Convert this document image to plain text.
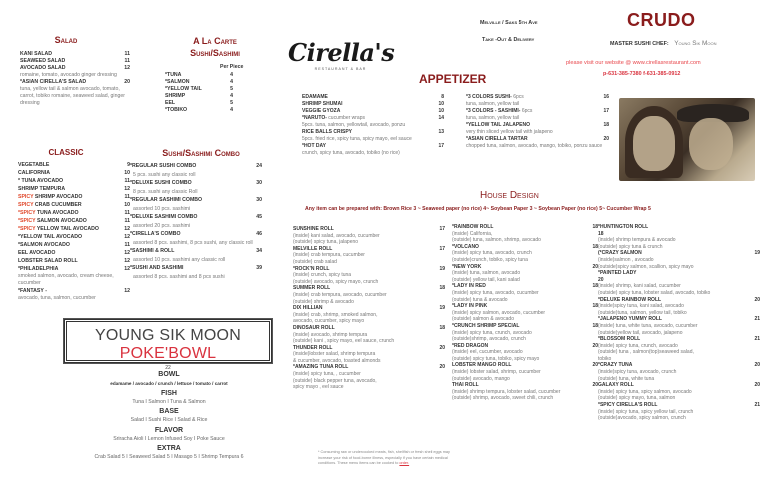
Salad
KANI SALAD	11
SEAWEED SALAD	11
AVOCADO SALAD	12
romaine, tomato, avocado ginger dressing
*ASIAN CIRELLA'S SALAD	20
tuna, yellow tail & salmon avocado, tomato, carrot, tobiko romaine, seaweed salad, ginger dressing
A La Carte
Sushi/Sashimi
Per Piece
*TUNA	4
*SALMON	4
*YELLOW TAIL	5
SHRIMP	4
EEL	5
*TOBIKO	4
CLASSIC
VEGETABLE	9
CALIFORNIA	10
* TUNA AVOCADO	11
SHRIMP TEMPURA	12
SPICY SHRIMP AVOCADO	11
SPICY CRAB CUCUMBER	10
*SPICY TUNA AVOCADO	11
*SPICY SALMON AVOCADO	11
*SPICY YELLOW TAIL AVOCADO	12
*YELLOW TAIL AVOCADO	12
*SALMON AVOCADO	11
EEL AVOCADO	12
LOBSTER SALAD ROLL	12
*PHILADELPHIA	12
smoked salmon, avocado, cream cheese, cucumber
*FANTASY -	12
avocado, tuna, salmon, cucumber
Sushi/Sashimi Combo
*REGULAR SUSHI COMBO	24
5 pcs. sushi any classic roll
*DELUXE SUSHI COMBO	30
8 pcs. sushi any classic Roll
*REGULAR SASHIMI COMBO	30
assorted 10 pcs. sashimi
*DELUXE SASHIMI COMBO	45
assorted 20 pcs. sashimi
*CIRELLA'S COMBO	46
assorted 8 pcs. sashimi, 8 pcs sushi, any classic roll
*SASHIMI & ROLL	34
assorted 10 pcs. sashimi any classic roll
*SUSHI AND SASHIMI	39
assorted 8 pcs. sashimi and 8 pcs sushi
YOUNG SIK MOON POKE'BOWL
22
BOWL
edamame / avocado / crunch / lettuce / tomato / carrot
FISH
Tuna I Salmon I Tuna & Salmon
BASE
Salad I Sushi Rice I Salad & Rice
FLAVOR
Sriracha Aioli I Lemon Infused Soy I Poke Sauce
EXTRA
Crab Salad 5 I Seaweed Salad 5 I Masago 5 I Shrimp Tempura 6
Cirella's
RESTAURANT & BAR
Melville / Saks 5th Ave
Take -Out & Delivery
CRUDO
MASTER SUSHI CHEF: Young Sik Moon
please visit our website @ www.cirellasrestaurant.com
p-631-385-7380 f-631-385-0912
APPETIZER
EDAMAME	8
SHRIMP SHUMAI	10
VEGGIE GYOZA	10
*NARUTO- cucumber wraps	14
5pcs. tuna, salmon, yellowtail, avocado, ponzu
RICE BALLS CRISPY	13
5pcs. fried rice, spicy tuna, spicy mayo, eel sauce
*HOT DAY	17
crunch, spicy tuna, avocado, tobiko (no rice)
*3 COLORS SUSHI- 6pcs	16
tuna, salmon, yellow tail
*3 COLORS - SASHIMI- 6pcs	17
tuna, salmon, yellow tail
*YELLOW TAIL JALAPENO	18
very thin sliced yellow tail with jalapeno
*ASIAN CIRELLA TARTAR	20
chopped tuna, salmon, avocado, mango, tobiko, ponzu sauce
House Design
Any item can be prepared with: Brown Rice 3 ~ Seaweed paper (no rice) 4~ Soybean Paper 3 ~ Soybean Paper (no rice) 5~ Cucumber Wrap 5
SUNSHINE ROLL	17
(inside) kani salad, avocado, cucumber
(outside) spicy tuna, jalapeno
MELVILLE ROLL	17
(inside) crab tempura, cucumber
(outside) crab salad
*ROCK'N ROLL	19
(inside) crunch, spicy tuna
(outside) avocado, spicy mayo, crunch
SUMMER ROLL	18
(inside) crab tempura, avocado, cucumber
(outside) shrimp & avocado
DIX HILLIAN	19
(inside) crab, shrimp, smoked salmon,
avocado, cucumber, spicy mayo
DINOSAUR ROLL	18
(inside) avocado, shrimp tempura
(outside) kani , spicy mayo, eel sauce, crunch
THUNDER ROLL	20
(inside)lobster salad, shrimp tempura
& cucumber, avocado, toasted almonds
*AMAZING TUNA ROLL	20
(inside) spicy tuna, , cucumber
(outside) black pepper tuna, avocado,
spicy mayo , eel sauce
*RAINBOW ROLL	18
(inside) California,
(outside) tuna, salmon, shrimp, avocado
*VOLCANO	18
(inside) spicy tuna, avocado, crunch
(outside)crunch, tobiko, spicy tuna
*NEW YORK	20
(inside) tuna, salmon, avocado
(outside) yellow tail, kani salad
*LADY IN RED	18
(inside) spicy tuna, avocado, cucumber
(outside) tuna & avocado
*LADY IN PINK	18
(inside) spicy salmon, avocado, cucumber
(outside) salmon & avocado
*CRUNCH SHRIMP SPECIAL	18
(inside) spicy tuna, crunch, avocado
(outside)shrimp, avocado, crunch
*RED DRAGON	20
(inside) eel, cucumber, avocado
(outside) spicy tuna, tobiko, spicy mayo
LOBSTER MANGO ROLL	20
(inside) lobster salad, shrimp, cucumber
(outside) avocado, mango
THAI ROLL	20
(inside) shrimp tempura, lobster salad, cucumber
(outside) shrimp, avocado, sweet chili, crunch
*HUNTINGTON ROLL
18
(inside) shrimp tempura & avocado
(outside) spicy tuna & crunch
(*CRAZY SALMON	19
(inside)salmon , avocado
(outside)spicy salmon, scallion, spicy mayo
*PAINTED LADY
20
(inside) shrimp, kani salad, cucumber
(outside) spicy tuna, lobster salad, avocado, tobiko
*DELUXE RAINBOW ROLL	20
(inside)spicy tuna, kani salad, avocado
(outside)tuna, salmon, yellow tail, tobiko
*JALAPENO YUMMY ROLL	21
(inside) tuna, white tuna, avocado, cucumber
(outside)yellow tail, avocado, jalapeno
*BLOSSOM ROLL	21
(inside) spicy tuna, crunch, avocado
(outside) tuna , salmon(top)seaweed salad,
tobiko
*CRAZY TUNA	20
(inside)spicy tuna, avocado, crunch
(outside) tuna, white tuna
GALAXY ROLL	20
(inside) spicy tuna, spicy salmon, avocado
(outside) spicy mayo, tuna, salmon
*SPICY CIRELLA'S ROLL	21
(inside) spicy tuna, spicy yellow tail, crunch
(outside)avocado, spicy salmon, crunch
* Consuming raw or undercooked meats, fish, shellfish or fresh shell eggs may increase your risk of food-borne illness, especially if you have certain medical conditions. These menu items can be cooked to order.
